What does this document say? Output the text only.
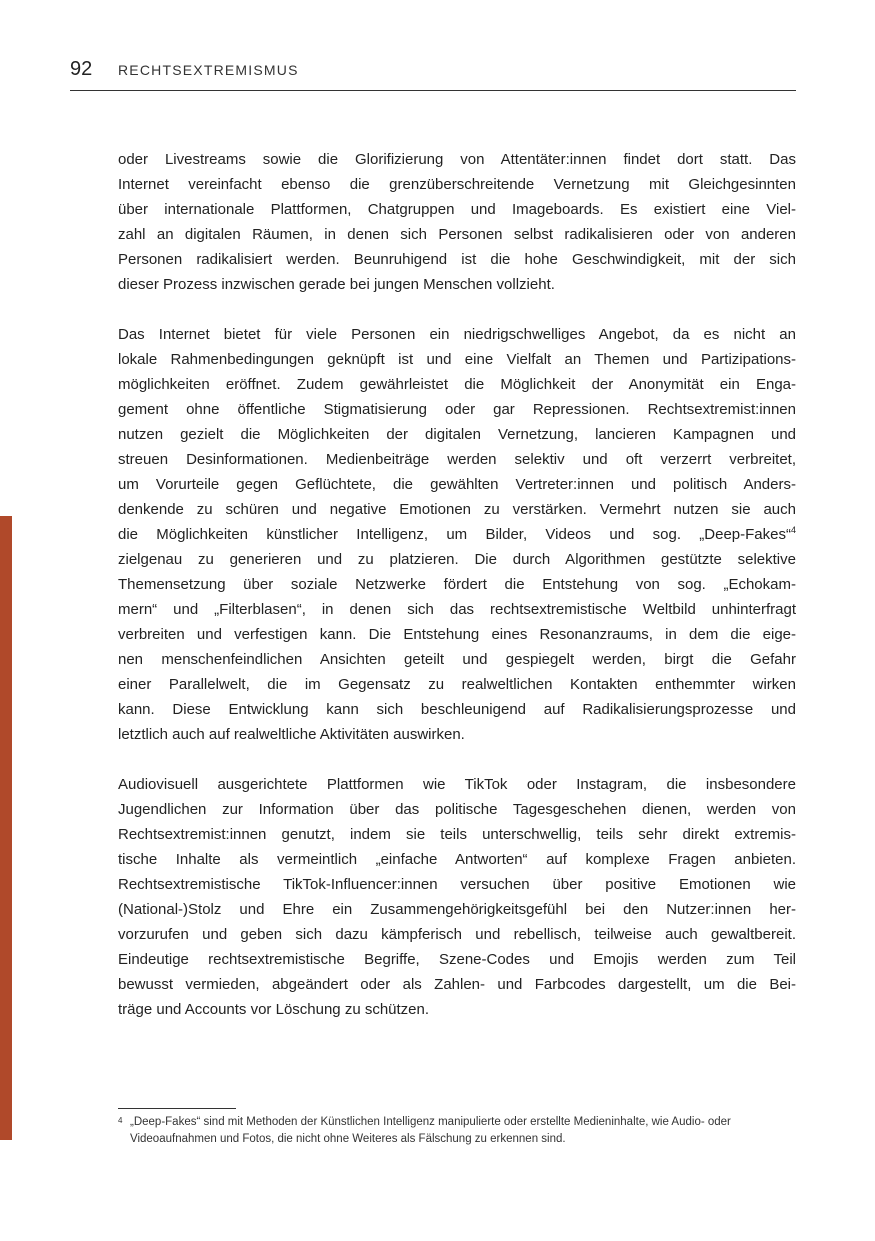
92 RECHTSEXTREMISMUS

oder Livestreams sowie die Glorifizierung von Attentäter:innen findet dort statt. Das
Internet vereinfacht ebenso die grenzüberschreitende Vernetzung mit Gleichgesinnten
über internationale Plattformen, Chatgruppen und Imageboards. Es existiert eine Viel-
zahl an digitalen Räumen, in denen sich Personen selbst radikalisieren oder von anderen
Personen radikalisiert werden. Beunruhigend ist die hohe Geschwindigkeit, mit der sich
dieser Prozess inzwischen gerade bei jungen Menschen vollzieht.

Das Internet bietet für viele Personen ein niedrigschwelliges Angebot, da es nicht an
lokale Rahmenbedingungen geknüpft ist und eine Vielfalt an Themen und Partizipations-
möglichkeiten eröffnet. Zudem gewährleistet die Möglichkeit der Anonymität ein Enga-
gement ohne öffentliche Stigmatisierung oder gar Repressionen. Rechtsextremist:innen
nutzen gezielt die Möglichkeiten der digitalen Vernetzung, lancieren Kampagnen und
streuen Desinformationen. Medienbeiträge werden selektiv und oft verzerrt verbreitet,
um Vorurteile gegen Geflüchtete, die gewählten Vertreter:innen und politisch Anders-
denkende zu schüren und negative Emotionen zu verstärken. Vermehrt nutzen sie auch
die Möglichkeiten künstlicher Intelligenz, um Bilder, Videos und sog. „Deep-Fakes“$^4$
zielgenau zu generieren und zu platzieren. Die durch Algorithmen gestützte selektive
Themensetzung über soziale Netzwerke fördert die Entstehung von sog. „Echokam-
mern“ und „Filterblasen“, in denen sich das rechtsextremistische Weltbild unhinterfragt
verbreiten und verfestigen kann. Die Entstehung eines Resonanzraums, in dem die eige-
nen menschenfeindlichen Ansichten geteilt und gespiegelt werden, birgt die Gefahr
einer Parallelwelt, die im Gegensatz zu realweltlichen Kontakten enthemmter wirken
kann. Diese Entwicklung kann sich beschleunigend auf Radikalisierungsprozesse und
letztlich auch auf realweltliche Aktivitäten auswirken.

Audiovisuell ausgerichtete Plattformen wie TikTok oder Instagram, die insbesondere
Jugendlichen zur Information über das politische Tagesgeschehen dienen, werden von
Rechtsextremist:innen genutzt, indem sie teils unterschwellig, teils sehr direkt extremis-
tische Inhalte als vermeintlich „einfache Antworten“ auf komplexe Fragen anbieten.
Rechtsextremistische TikTok-Influencer:innen versuchen über positive Emotionen wie
(National-)Stolz und Ehre ein Zusammengehörigkeitsgefühl bei den Nutzer:innen her-
vorzurufen und geben sich dazu kämpferisch und rebellisch, teilweise auch gewaltbereit.
Eindeutige rechtsextremistische Begriffe, Szene-Codes und Emojis werden zum Teil
bewusst vermieden, abgeändert oder als Zahlen- und Farbcodes dargestellt, um die Bei-
träge und Accounts vor Löschung zu schützen.

4 „Deep-Fakes“ sind mit Methoden der Künstlichen Intelligenz manipulierte oder erstellte Medieninhalte, wie Audio- oder
Videoaufnahmen und Fotos, die nicht ohne Weiteres als Fälschung zu erkennen sind.
